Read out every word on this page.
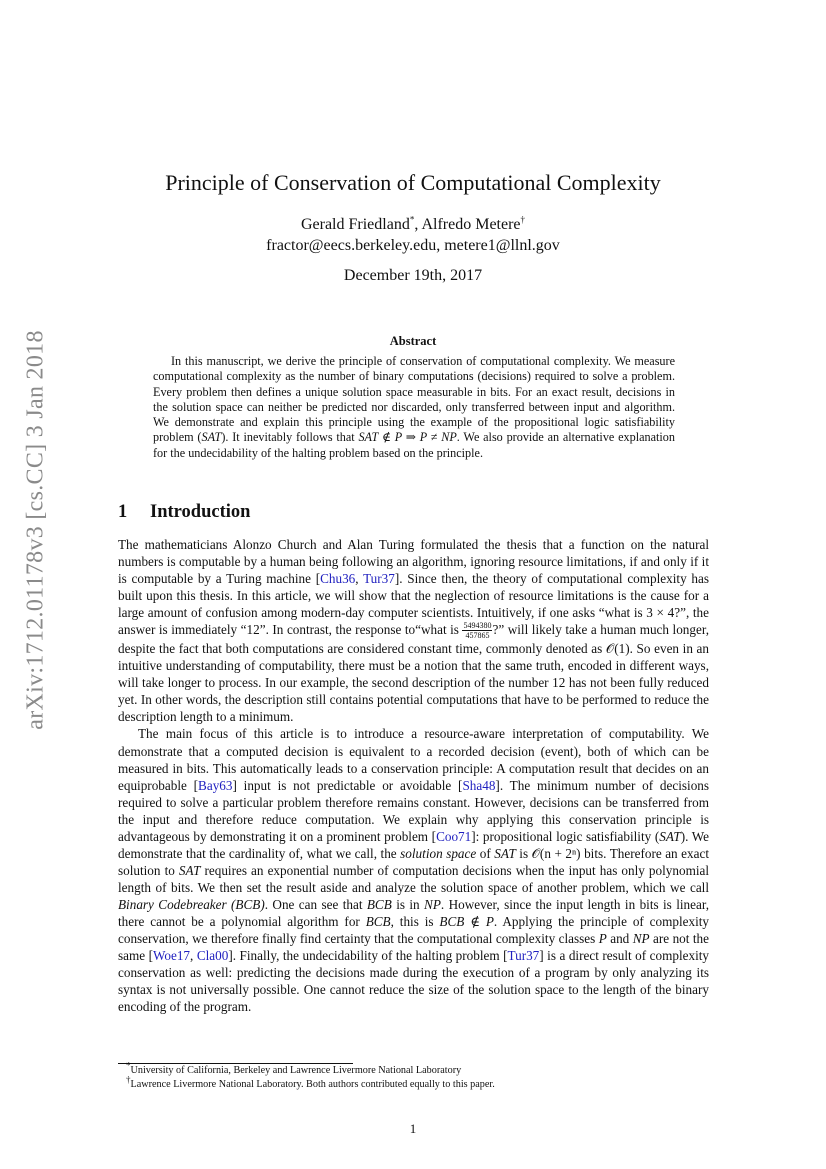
arXiv:1712.01178v3 [cs.CC] 3 Jan 2018
Principle of Conservation of Computational Complexity
Gerald Friedland*, Alfredo Metere†
fractor@eecs.berkeley.edu, metere1@llnl.gov
December 19th, 2017
Abstract

In this manuscript, we derive the principle of conservation of computational complexity. We measure computational complexity as the number of binary computations (decisions) required to solve a problem. Every problem then defines a unique solution space measurable in bits. For an exact result, decisions in the solution space can neither be predicted nor discarded, only transferred between input and algorithm. We demonstrate and explain this principle using the example of the propositional logic satisfiability problem (SAT). It inevitably follows that SAT ∉ P ⇒ P ≠ NP. We also provide an alternative explanation for the undecidability of the halting problem based on the principle.

1 Introduction

The mathematicians Alonzo Church and Alan Turing formulated the thesis that a function on the natural numbers is computable by a human being following an algorithm, ignoring resource limitations, if and only if it is computable by a Turing machine [Chu36, Tur37]. Since then, the theory of computational complexity has built upon this thesis. In this article, we will show that the neglection of resource limitations is the cause for a large amount of confusion among modern-day computer scientists. Intuitively, if one asks “what is 3 × 4?”, the answer is immediately “12”. In contrast, the response to“what is $\frac{5494380}{457865}$ ?” will likely take a human much longer, despite the fact that both computations are considered constant time, commonly denoted as 𝒪(1). So even in an intuitive understanding of computability, there must be a notion that the same truth, encoded in different ways, will take longer to process. In our example, the second description of the number 12 has not been fully reduced yet. In other words, the description still contains potential computations that have to be performed to reduce the description length to a minimum.

The main focus of this article is to introduce a resource-aware interpretation of computability. We demonstrate that a computed decision is equivalent to a recorded decision (event), both of which can be measured in bits. This automatically leads to a conservation principle: A computation result that decides on an equiprobable [Bay63] input is not predictable or avoidable [Sha48]. The minimum number of decisions required to solve a particular problem therefore remains constant. However, decisions can be transferred from the input and therefore reduce computation. We explain why applying this conservation principle is advantageous by demonstrating it on a prominent problem [Coo71]: propositional logic satisfiability (SAT). We demonstrate that the cardinality of, what we call, the solution space of SAT is 𝒪(n + 2ⁿ) bits. Therefore an exact solution to SAT requires an exponential number of computation decisions when the input has only polynomial length of bits. We then set the result aside and analyze the solution space of another problem, which we call Binary Codebreaker (BCB). One can see that BCB is in NP. However, since the input length in bits is linear, there cannot be a polynomial algorithm for BCB, this is BCB ∉ P. Applying the principle of complexity conservation, we therefore finally find certainty that the computational complexity classes P and NP are not the same [Woe17, Cla00]. Finally, the undecidability of the halting problem [Tur37] is a direct result of complexity conservation as well: predicting the decisions made during the execution of a program by only analyzing its syntax is not universally possible. One cannot reduce the size of the solution space to the length of the binary encoding of the program.

*University of California, Berkeley and Lawrence Livermore National Laboratory
†Lawrence Livermore National Laboratory. Both authors contributed equally to this paper.
1
